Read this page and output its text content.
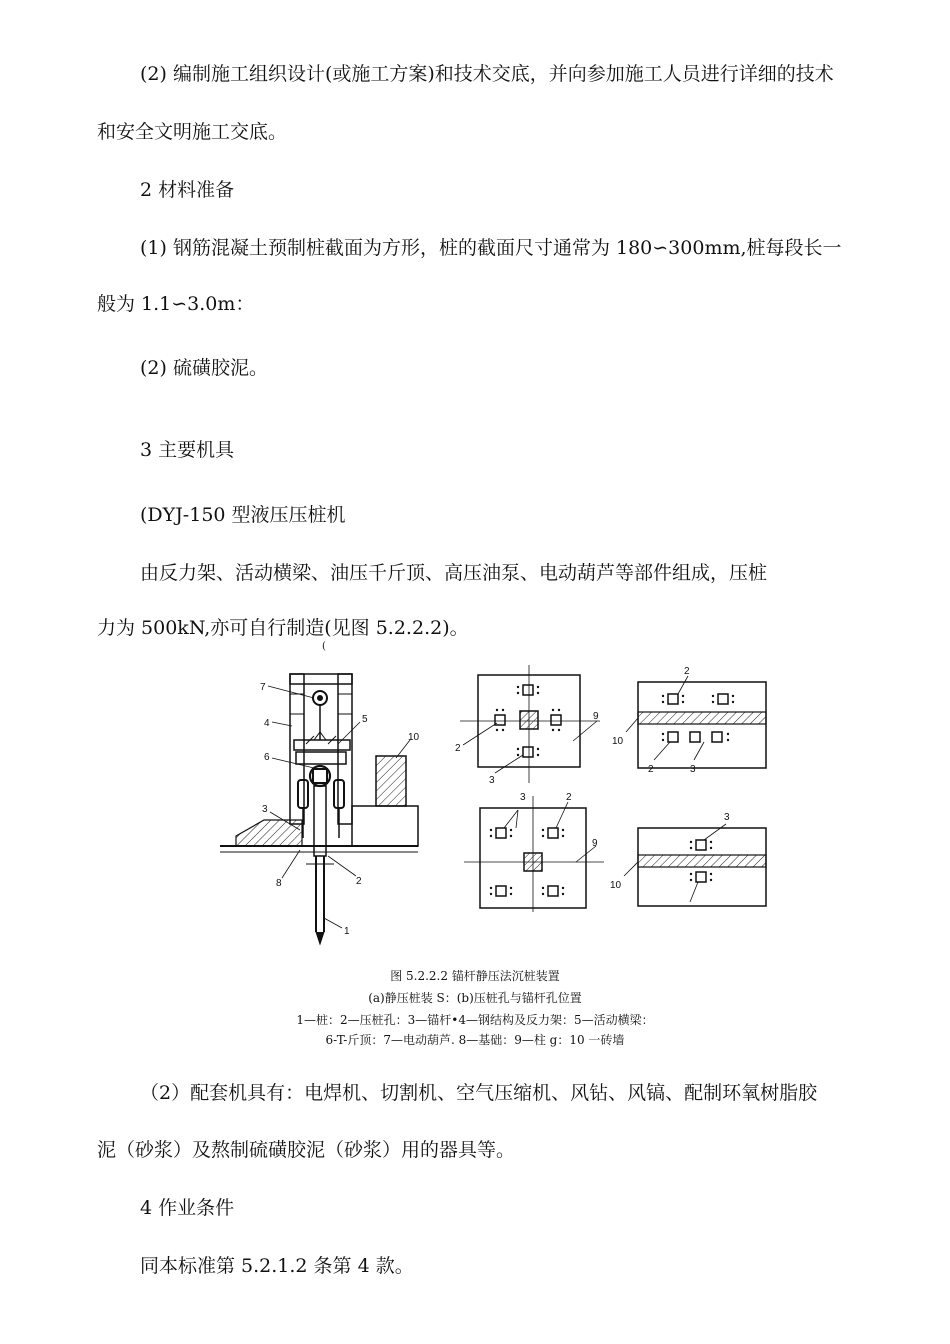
(2) 编制施工组织设计(或施工方案)和技术交底，并向参加施工人员进行详细的技术
和安全文明施工交底。
2 材料准备
(1) 钢筋混凝土预制桩截面为方形，桩的截面尺寸通常为 180∽300mm,桩每段长一
般为 1.1∽3.0m：
(2) 硫磺胶泥。
3 主要机具
(DYJ-150 型液压压桩机
由反力架、活动横梁、油压千斤顶、高压油泵、电动葫芦等部件组成，压桩
力为 500kN,亦可自行制造(见图 5.2.2.2)。
(
7
4	5
6
10
3
8	2
1
2
3
9
2
10
2	3
3	2
9
3
10
图 5.2.2.2 锚杆静压法沉桩装置
(a)静压桩装 S：(b)压桩孔与锚杆孔位置
1—桩：2—压桩孔：3—锚杆•4—钢结构及反力架：5—活动横梁：
6-T-斤顶：7—电动葫芦. 8—基础：9—柱 g：10 一砖墙
（2）配套机具有：电焊机、切割机、空气压缩机、风钻、风镐、配制环氧树脂胶
泥（砂浆）及熬制硫磺胶泥（砂浆）用的器具等。
4 作业条件
同本标准第 5.2.1.2 条第 4 款。
